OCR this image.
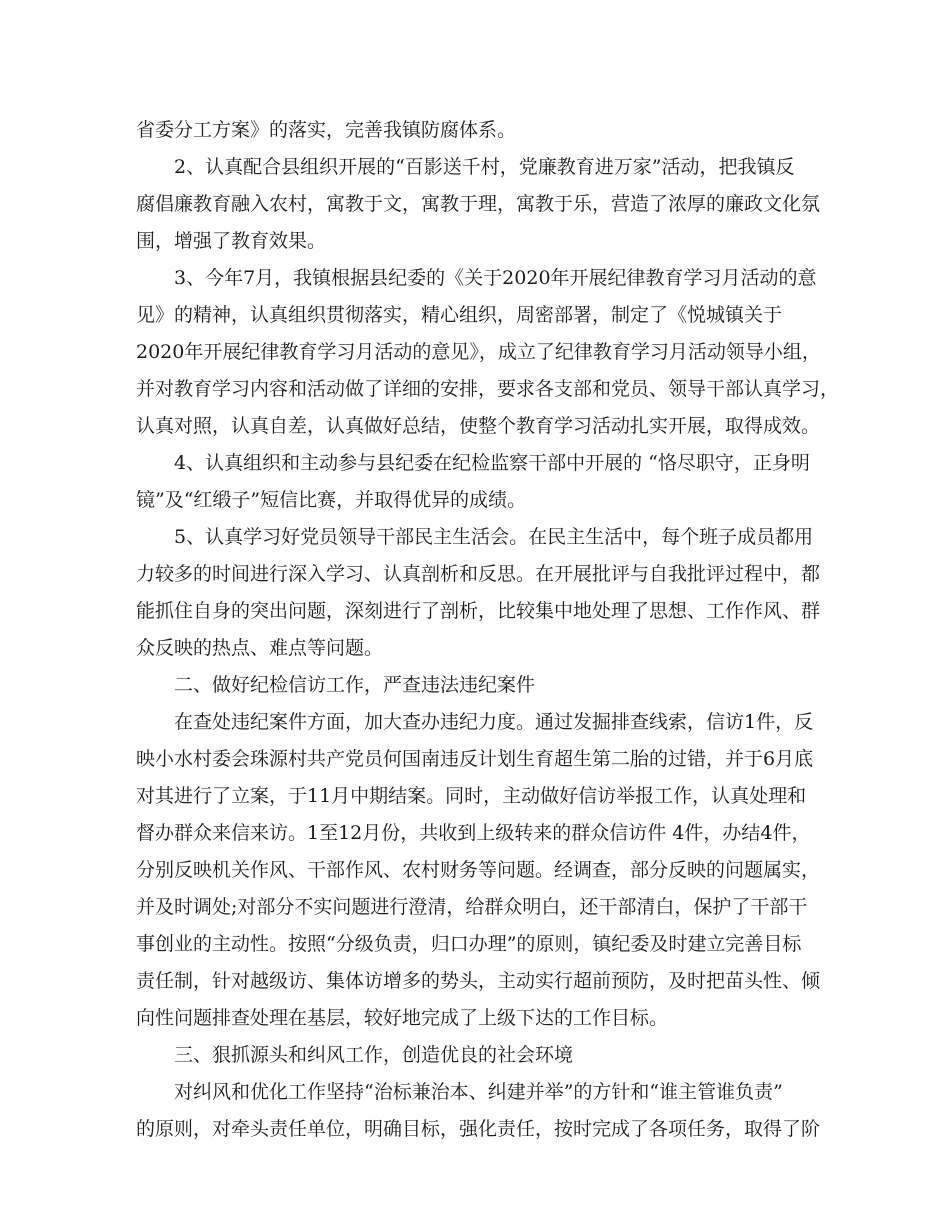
省委分工方案》的落实，完善我镇防腐体系。
2、认真配合县组织开展的“百影送千村，党廉教育进万家”活动，把我镇反
腐倡廉教育融入农村，寓教于文，寓教于理，寓教于乐，营造了浓厚的廉政文化氛
围，增强了教育效果。
3、今年7月，我镇根据县纪委的《关于2020年开展纪律教育学习月活动的意
见》的精神，认真组织贯彻落实，精心组织，周密部署，制定了《悦城镇关于
2020年开展纪律教育学习月活动的意见》，成立了纪律教育学习月活动领导小组，
并对教育学习内容和活动做了详细的安排，要求各支部和党员、领导干部认真学习，
认真对照，认真自差，认真做好总结，使整个教育学习活动扎实开展，取得成效。
4、认真组织和主动参与县纪委在纪检监察干部中开展的 “恪尽职守，正身明
镜”及“红缎子”短信比赛，并取得优异的成绩。
5、认真学习好党员领导干部民主生活会。在民主生活中，每个班子成员都用
力较多的时间进行深入学习、认真剖析和反思。在开展批评与自我批评过程中，都
能抓住自身的突出问题，深刻进行了剖析，比较集中地处理了思想、工作作风、群
众反映的热点、难点等问题。
二、做好纪检信访工作，严查违法违纪案件
在查处违纪案件方面，加大查办违纪力度。通过发掘排查线索，信访1件，反
映小水村委会珠源村共产党员何国南违反计划生育超生第二胎的过错，并于6月底
对其进行了立案，于11月中期结案。同时，主动做好信访举报工作，认真处理和
督办群众来信来访。1至12月份，共收到上级转来的群众信访件 4件，办结4件，
分别反映机关作风、干部作风、农村财务等问题。经调查，部分反映的问题属实，
并及时调处;对部分不实问题进行澄清，给群众明白，还干部清白，保护了干部干
事创业的主动性。按照“分级负责，归口办理”的原则，镇纪委及时建立完善目标
责任制，针对越级访、集体访增多的势头，主动实行超前预防，及时把苗头性、倾
向性问题排查处理在基层，较好地完成了上级下达的工作目标。
三、狠抓源头和纠风工作，创造优良的社会环境
对纠风和优化工作坚持“治标兼治本、纠建并举”的方针和“谁主管谁负责”
的原则，对牵头责任单位，明确目标，强化责任，按时完成了各项任务，取得了阶
